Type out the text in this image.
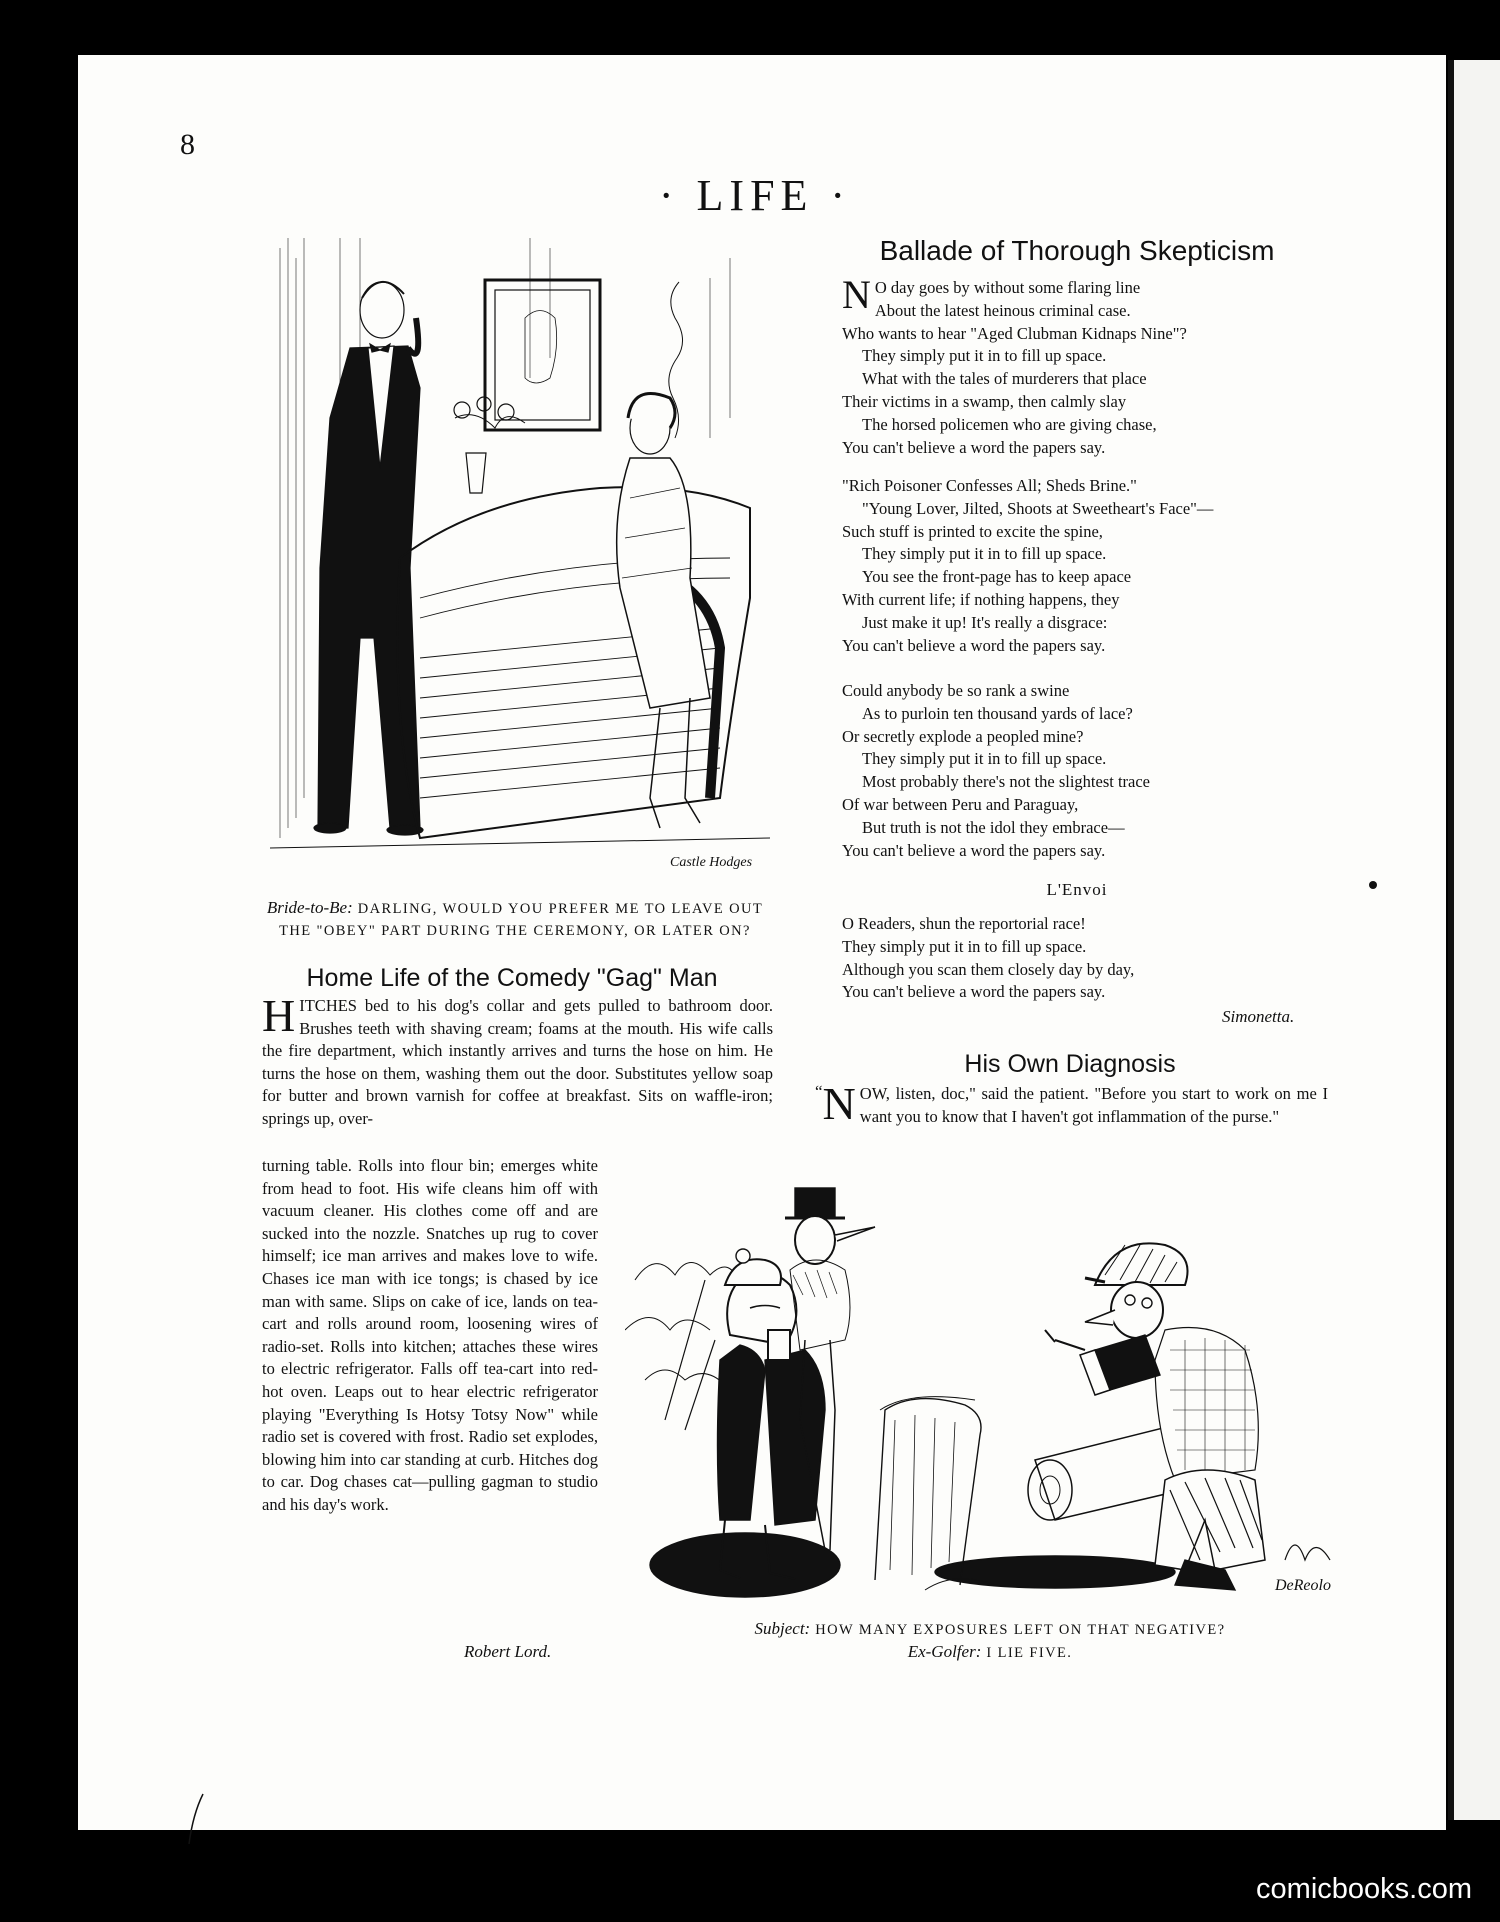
8
· LIFE ·
Castle Hodges
Bride-to-Be: DARLING, WOULD YOU PREFER ME TO LEAVE OUT THE "OBEY" PART DURING THE CEREMONY, OR LATER ON?
Home Life of the Comedy "Gag" Man

HITCHES bed to his dog's collar and gets pulled to bathroom door. Brushes teeth with shaving cream; foams at the mouth. His wife calls the fire department, which instantly arrives and turns the hose on him. He turns the hose on them, washing them out the door. Substitutes yellow soap for butter and brown varnish for coffee at breakfast. Sits on waffle-iron; springs up, over-

turning table. Rolls into flour bin; emerges white from head to foot. His wife cleans him off with vacuum cleaner. His clothes come off and are sucked into the nozzle. Snatches up rug to cover himself; ice man arrives and makes love to wife. Chases ice man with ice tongs; is chased by ice man with same. Slips on cake of ice, lands on tea-cart and rolls around room, loosening wires of radio-set. Rolls into kitchen; attaches these wires to electric refrigerator. Falls off tea-cart into red-hot oven. Leaps out to hear electric refrigerator playing "Everything Is Hotsy Totsy Now" while radio set is covered with frost. Radio set explodes, blowing him into car standing at curb. Hitches dog to car. Dog chases cat—pulling gagman to studio and his day's work.

Robert Lord.
Ballade of Thorough Skepticism
N O day goes by without some flaring line
About the latest heinous criminal case.
Who wants to hear "Aged Clubman Kidnaps Nine"?
They simply put it in to fill up space.
What with the tales of murderers that place
Their victims in a swamp, then calmly slay
The horsed policemen who are giving chase,
You can't believe a word the papers say.
"Rich Poisoner Confesses All; Sheds Brine."
"Young Lover, Jilted, Shoots at Sweetheart's Face"—
Such stuff is printed to excite the spine,
They simply put it in to fill up space.
You see the front-page has to keep apace
With current life; if nothing happens, they
Just make it up! It's really a disgrace:
You can't believe a word the papers say.
Could anybody be so rank a swine
As to purloin ten thousand yards of lace?
Or secretly explode a peopled mine?
They simply put it in to fill up space.
Most probably there's not the slightest trace
Of war between Peru and Paraguay,
But truth is not the idol they embrace—
You can't believe a word the papers say.
L'Envoi
O Readers, shun the reportorial race!
They simply put it in to fill up space.
Although you scan them closely day by day,
You can't believe a word the papers say.
Simonetta.
His Own Diagnosis

“ N OW, listen, doc," said the patient. "Before you start to work on me I want you to know that I haven't got inflammation of the purse."

DeReolo
Subject: HOW MANY EXPOSURES LEFT ON THAT NEGATIVE?
Ex-Golfer: I LIE FIVE.
comicbooks.com
